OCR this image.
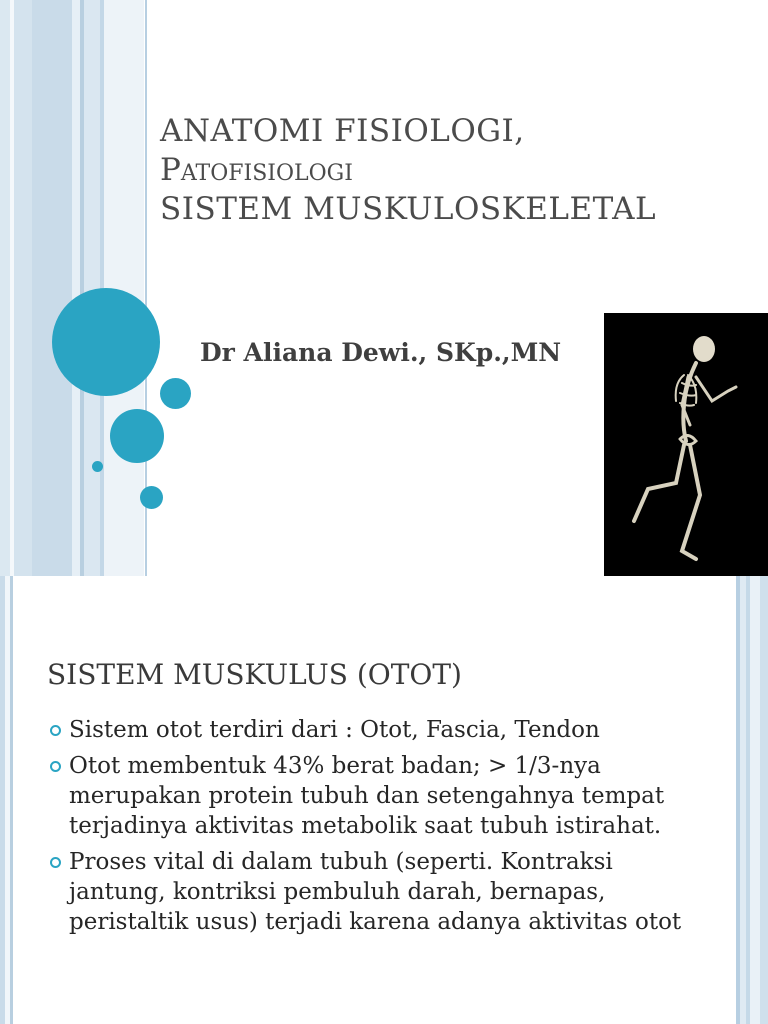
ANATOMI FISIOLOGI,
Patofisiologi
SISTEM MUSKULOSKELETAL
Dr Aliana Dewi., SKp.,MN
SISTEM MUSKULUS (OTOT)
Sistem otot terdiri dari : Otot, Fascia, Tendon
Otot membentuk 43% berat badan; > 1/3-nya merupakan protein tubuh dan setengahnya tempat terjadinya aktivitas metabolik saat tubuh istirahat.
Proses vital di dalam tubuh (seperti. Kontraksi jantung, kontriksi pembuluh darah, bernapas, peristaltik usus) terjadi karena adanya aktivitas otot
